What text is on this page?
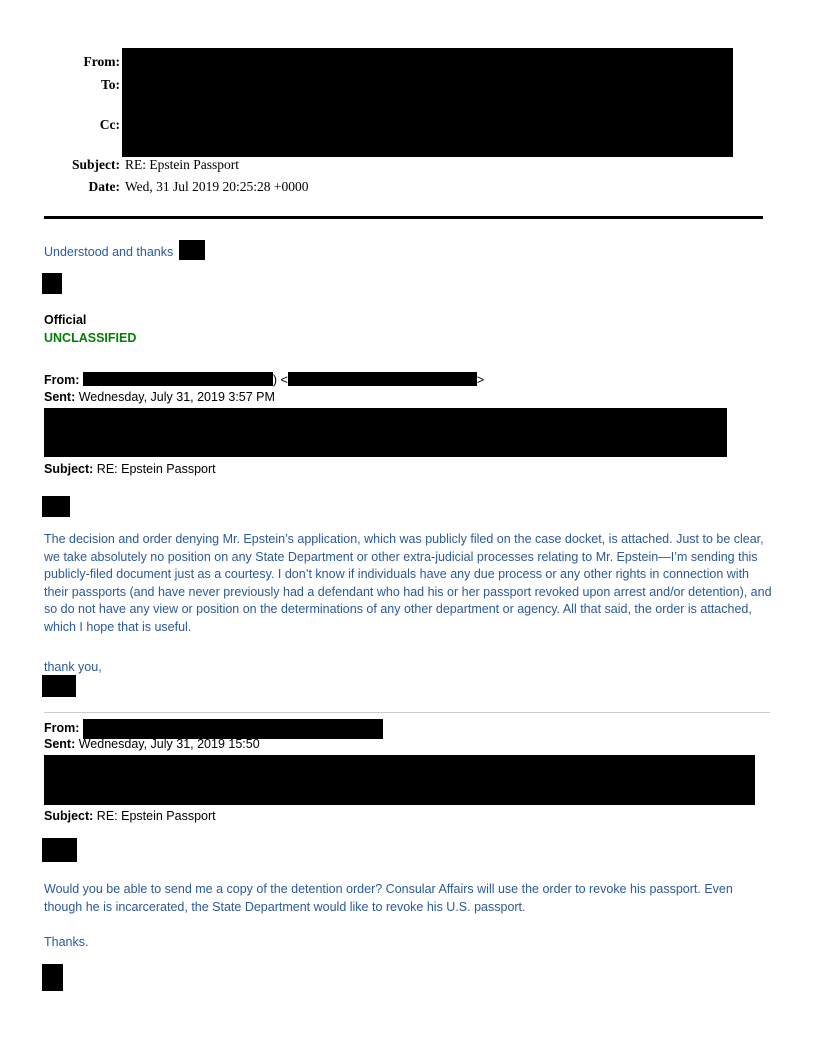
From:
To:
Cc:
Subject: RE: Epstein Passport
Date: Wed, 31 Jul 2019 20:25:28 +0000
Understood and thanks
Official
UNCLASSIFIED
From:	) <	>
Sent: Wednesday, July 31, 2019 3:57 PM
Subject: RE: Epstein Passport
The decision and order denying Mr. Epstein’s application, which was publicly filed on the case docket, is attached. Just to be clear, we take absolutely no position on any State Department or other extra-judicial processes relating to Mr. Epstein—I’m sending this publicly-filed document just as a courtesy. I don’t know if individuals have any due process or any other rights in connection with their passports (and have never previously had a defendant who had his or her passport revoked upon arrest and/or detention), and so do not have any view or position on the determinations of any other department or agency. All that said, the order is attached, which I hope that is useful.
thank you,
From:
Sent: Wednesday, July 31, 2019 15:50
Subject: RE: Epstein Passport
Would you be able to send me a copy of the detention order? Consular Affairs will use the order to revoke his passport. Even though he is incarcerated, the State Department would like to revoke his U.S. passport.
Thanks.
